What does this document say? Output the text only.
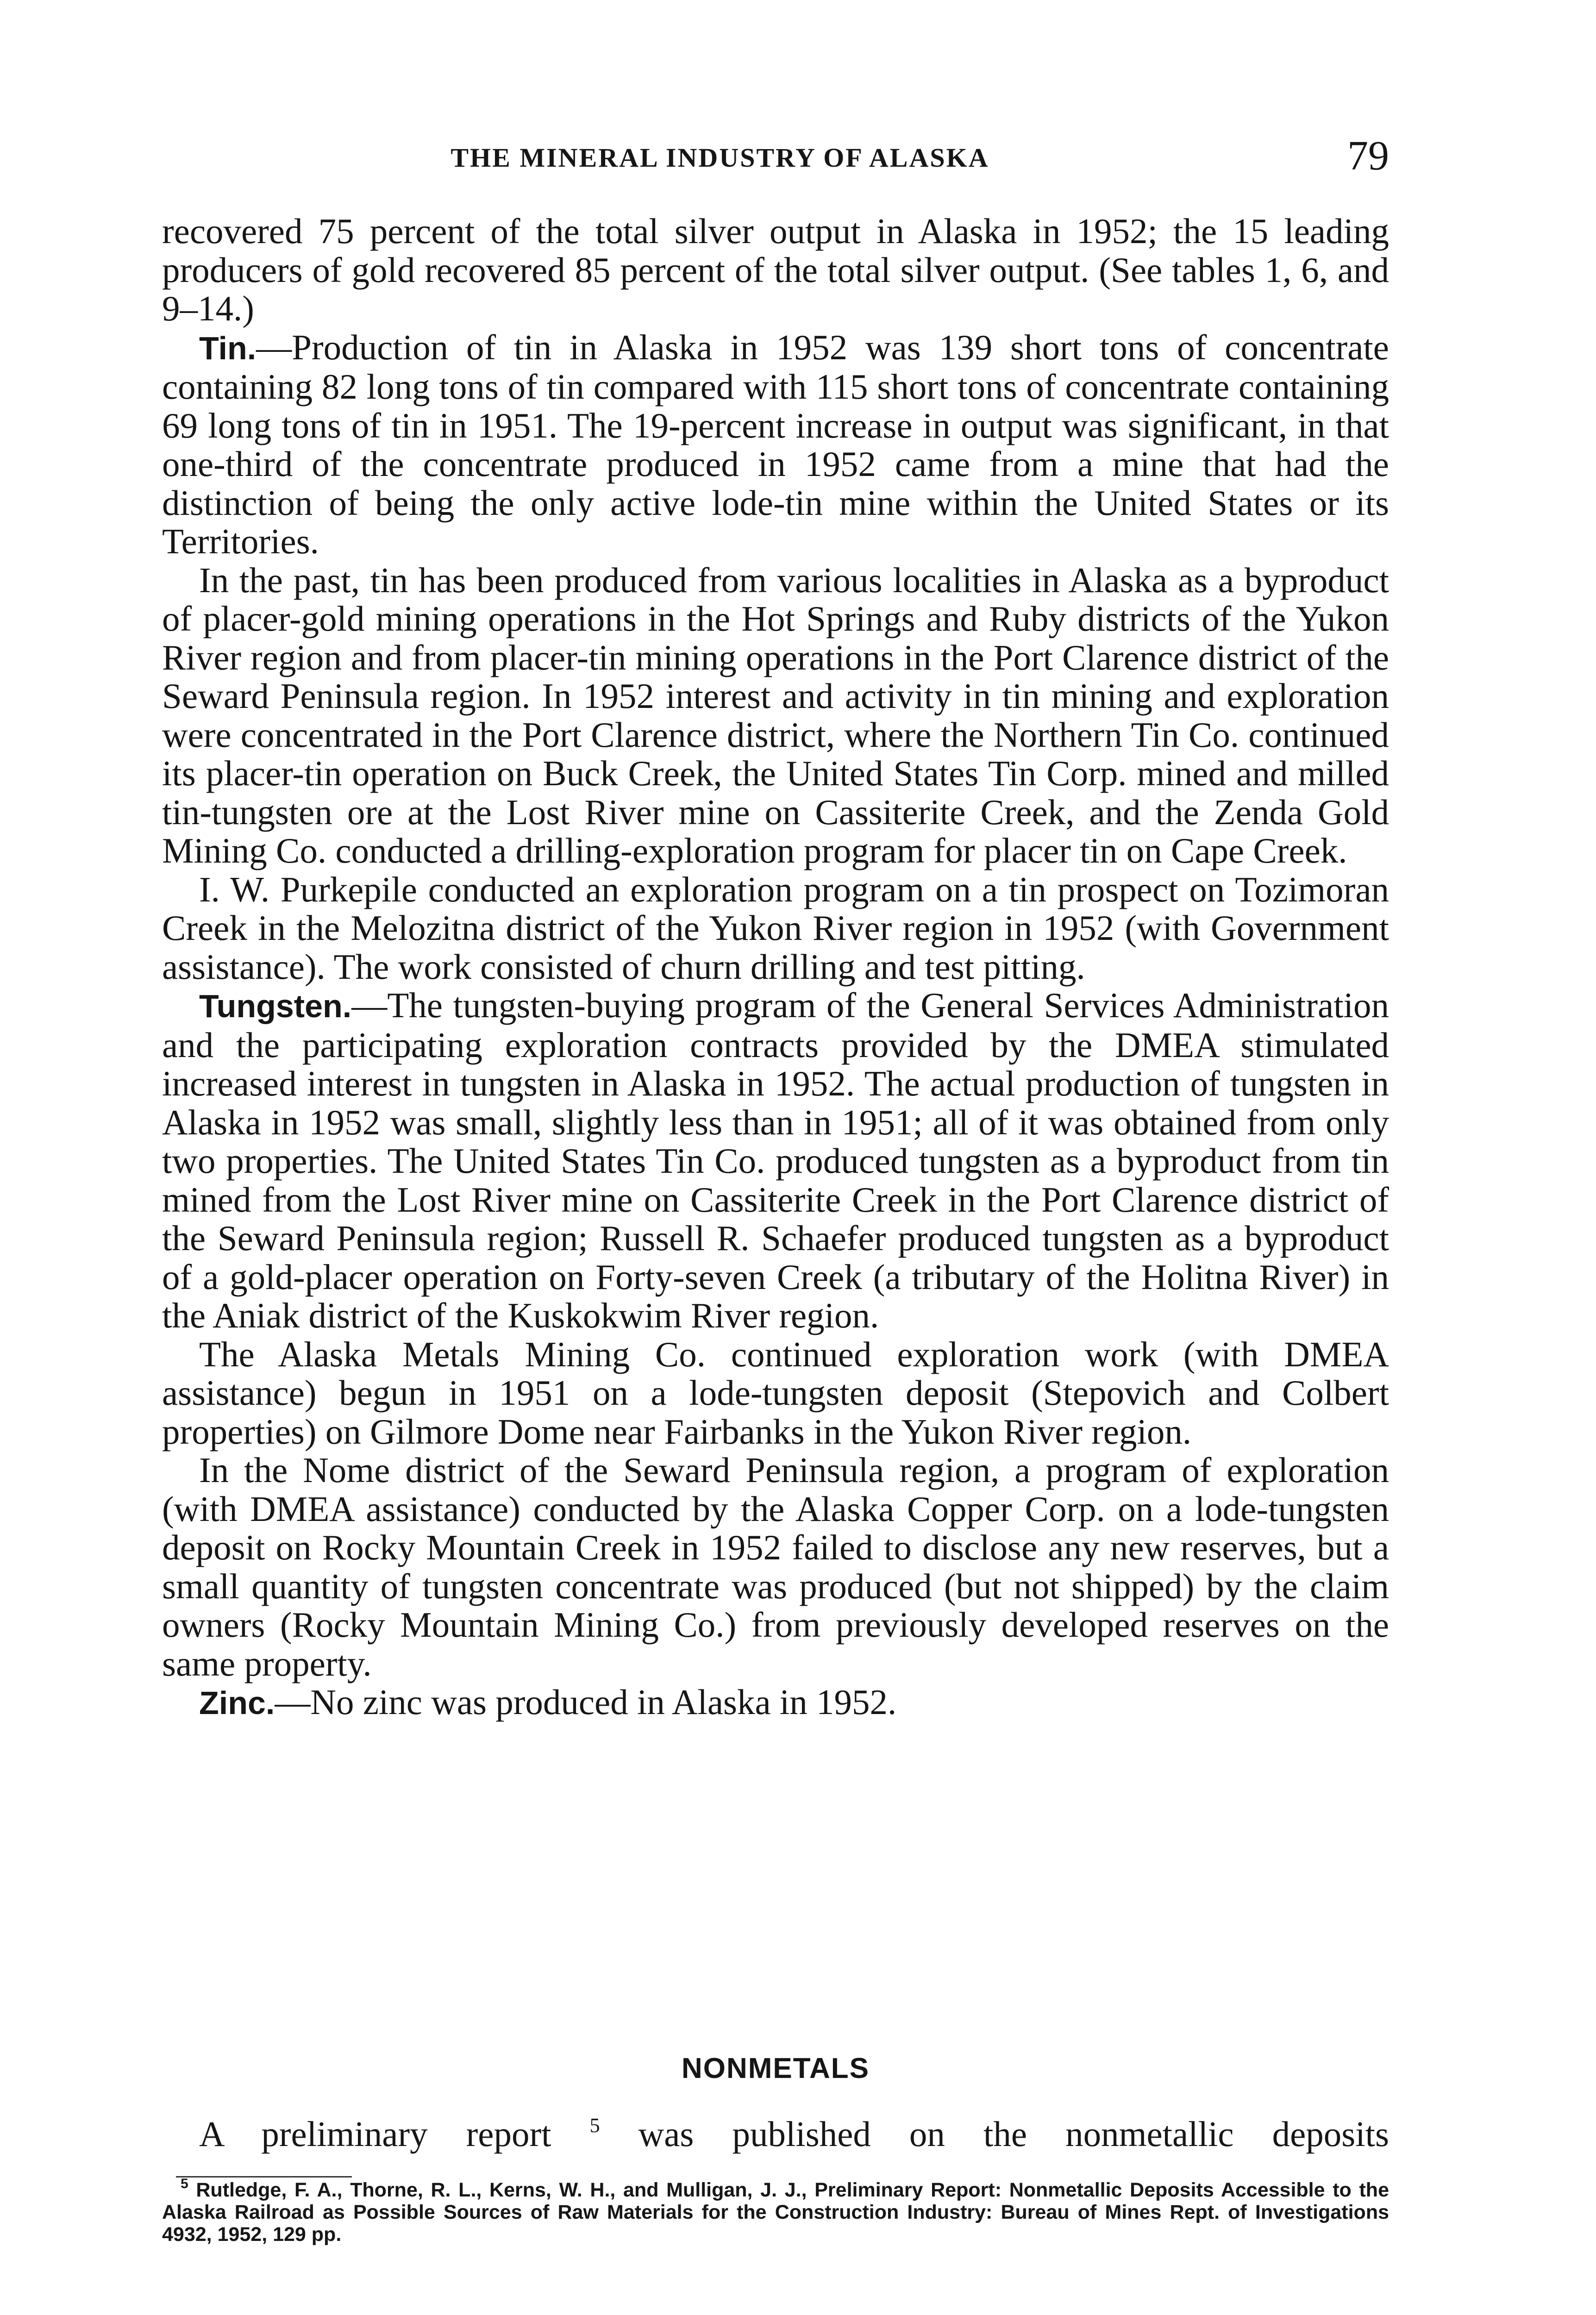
THE MINERAL INDUSTRY OF ALASKA	79

recovered 75 percent of the total silver output in Alaska in 1952; the 15 leading producers of gold recovered 85 percent of the total silver output. (See tables 1, 6, and 9–14.)

Tin.—Production of tin in Alaska in 1952 was 139 short tons of concentrate containing 82 long tons of tin compared with 115 short tons of concentrate containing 69 long tons of tin in 1951. The 19-percent increase in output was significant, in that one-third of the concentrate produced in 1952 came from a mine that had the distinction of being the only active lode-tin mine within the United States or its Territories.

In the past, tin has been produced from various localities in Alaska as a byproduct of placer-gold mining operations in the Hot Springs and Ruby districts of the Yukon River region and from placer-tin mining operations in the Port Clarence district of the Seward Peninsula region. In 1952 interest and activity in tin mining and exploration were concentrated in the Port Clarence district, where the Northern Tin Co. continued its placer-tin operation on Buck Creek, the United States Tin Corp. mined and milled tin-tungsten ore at the Lost River mine on Cassiterite Creek, and the Zenda Gold Mining Co. conducted a drilling-exploration program for placer tin on Cape Creek.

I. W. Purkepile conducted an exploration program on a tin prospect on Tozimoran Creek in the Melozitna district of the Yukon River region in 1952 (with Government assistance). The work consisted of churn drilling and test pitting.

Tungsten.—The tungsten-buying program of the General Services Administration and the participating exploration contracts provided by the DMEA stimulated increased interest in tungsten in Alaska in 1952. The actual production of tungsten in Alaska in 1952 was small, slightly less than in 1951; all of it was obtained from only two properties. The United States Tin Co. produced tungsten as a byproduct from tin mined from the Lost River mine on Cassiterite Creek in the Port Clarence district of the Seward Peninsula region; Russell R. Schaefer produced tungsten as a byproduct of a gold-placer operation on Forty-seven Creek (a tributary of the Holitna River) in the Aniak district of the Kuskokwim River region.

The Alaska Metals Mining Co. continued exploration work (with DMEA assistance) begun in 1951 on a lode-tungsten deposit (Stepovich and Colbert properties) on Gilmore Dome near Fairbanks in the Yukon River region.

In the Nome district of the Seward Peninsula region, a program of exploration (with DMEA assistance) conducted by the Alaska Copper Corp. on a lode-tungsten deposit on Rocky Mountain Creek in 1952 failed to disclose any new reserves, but a small quantity of tungsten concentrate was produced (but not shipped) by the claim owners (Rocky Mountain Mining Co.) from previously developed reserves on the same property.

Zinc.—No zinc was produced in Alaska in 1952.

NONMETALS

A preliminary report $^5$ was published on the nonmetallic deposits

$^5$ Rutledge, F. A., Thorne, R. L., Kerns, W. H., and Mulligan, J. J., Preliminary Report: Nonmetallic Deposits Accessible to the Alaska Railroad as Possible Sources of Raw Materials for the Construction Industry: Bureau of Mines Rept. of Investigations 4932, 1952, 129 pp.
